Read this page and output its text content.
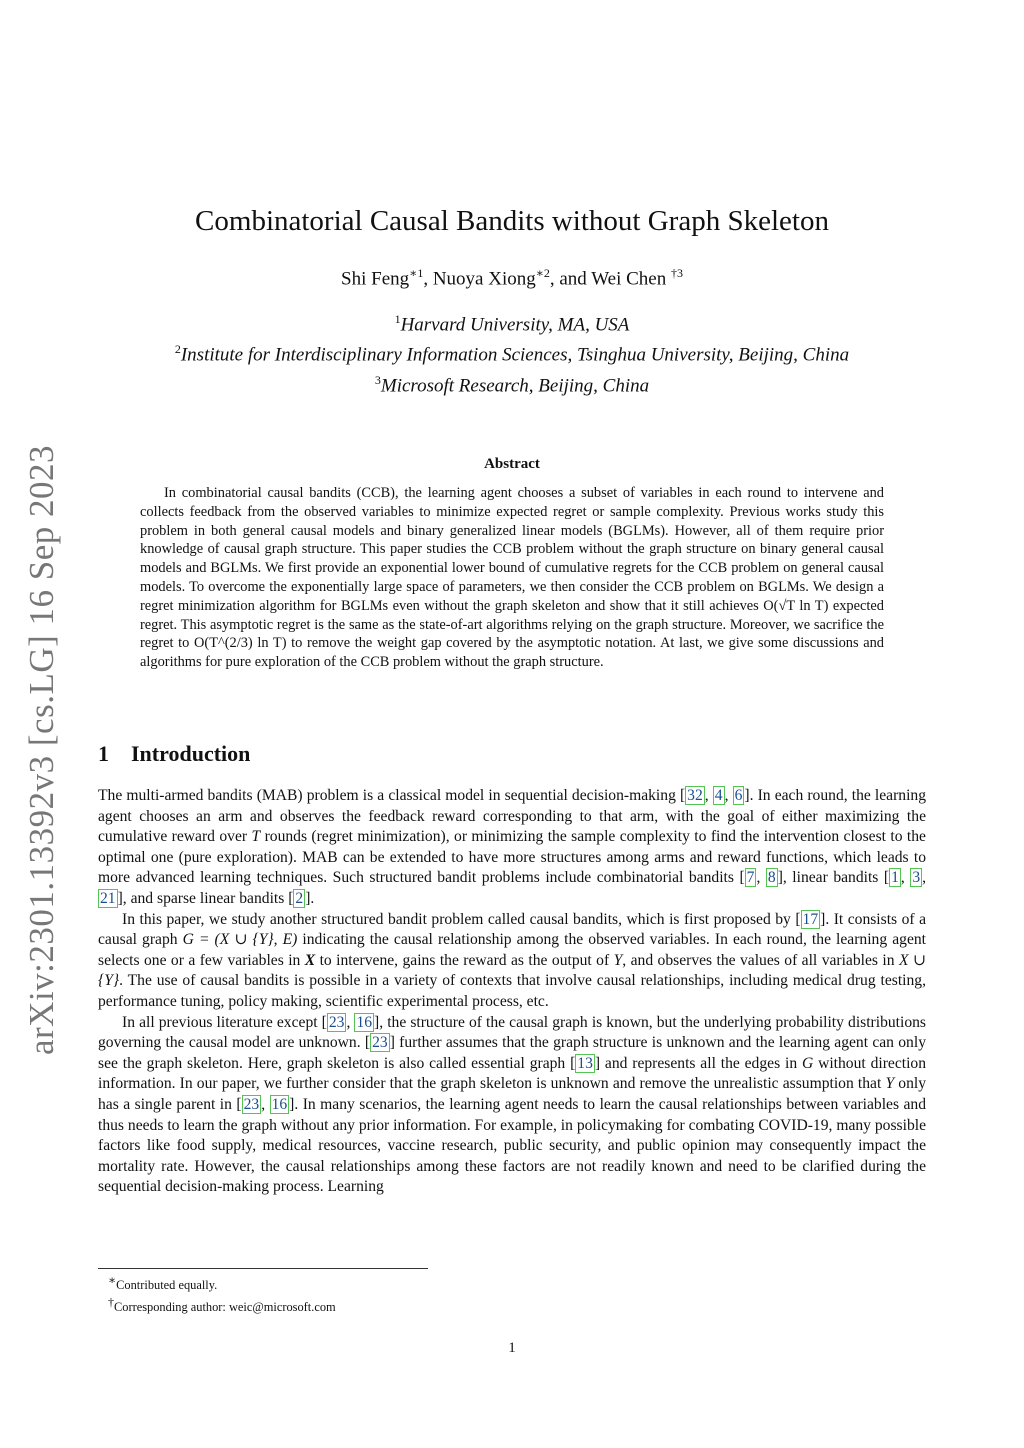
arXiv:2301.13392v3 [cs.LG] 16 Sep 2023
Combinatorial Causal Bandits without Graph Skeleton
Shi Feng$^{∗1}$, Nuoya Xiong$^{∗2}$, and Wei Chen $^{\dagger 3}$
$^1$Harvard University, MA, USA
$^2$Institute for Interdisciplinary Information Sciences, Tsinghua University, Beijing, China
$^3$Microsoft Research, Beijing, China
Abstract
In combinatorial causal bandits (CCB), the learning agent chooses a subset of variables in each round to intervene and collects feedback from the observed variables to minimize expected regret or sample complexity. Previous works study this problem in both general causal models and binary generalized linear models (BGLMs). However, all of them require prior knowledge of causal graph structure. This paper studies the CCB problem without the graph structure on binary general causal models and BGLMs. We first provide an exponential lower bound of cumulative regrets for the CCB problem on general causal models. To overcome the exponentially large space of parameters, we then consider the CCB problem on BGLMs. We design a regret minimization algorithm for BGLMs even without the graph skeleton and show that it still achieves O(√T ln T) expected regret. This asymptotic regret is the same as the state-of-art algorithms relying on the graph structure. Moreover, we sacrifice the regret to O(T^(2/3) ln T) to remove the weight gap covered by the asymptotic notation. At last, we give some discussions and algorithms for pure exploration of the CCB problem without the graph structure.
1 Introduction

The multi-armed bandits (MAB) problem is a classical model in sequential decision-making [ 32 , 4 , 6 ]. In each round, the learning agent chooses an arm and observes the feedback reward corresponding to that arm, with the goal of either maximizing the cumulative reward over T rounds (regret minimization), or minimizing the sample complexity to find the intervention closest to the optimal one (pure exploration). MAB can be extended to have more structures among arms and reward functions, which leads to more advanced learning techniques. Such structured bandit problems include combinatorial bandits [ 7 , 8 ], linear bandits [ 1 , 3 , 21 ], and sparse linear bandits [ 2 ].

In this paper, we study another structured bandit problem called causal bandits, which is first proposed by [ 17 ]. It consists of a causal graph G = (X ∪ {Y}, E) indicating the causal relationship among the observed variables. In each round, the learning agent selects one or a few variables in X to intervene, gains the reward as the output of Y, and observes the values of all variables in X ∪ {Y}. The use of causal bandits is possible in a variety of contexts that involve causal relationships, including medical drug testing, performance tuning, policy making, scientific experimental process, etc.

In all previous literature except [ 23 , 16 ], the structure of the causal graph is known, but the underlying probability distributions governing the causal model are unknown. [ 23 ] further assumes that the graph structure is unknown and the learning agent can only see the graph skeleton. Here, graph skeleton is also called essential graph [ 13 ] and represents all the edges in G without direction information. In our paper, we further consider that the graph skeleton is unknown and remove the unrealistic assumption that Y only has a single parent in [ 23 , 16 ]. In many scenarios, the learning agent needs to learn the causal relationships between variables and thus needs to learn the graph without any prior information. For example, in policymaking for combating COVID-19, many possible factors like food supply, medical resources, vaccine research, public security, and public opinion may consequently impact the mortality rate. However, the causal relationships among these factors are not readily known and need to be clarified during the sequential decision-making process. Learning

∗Contributed equally.
†Corresponding author: weic@microsoft.com
1
